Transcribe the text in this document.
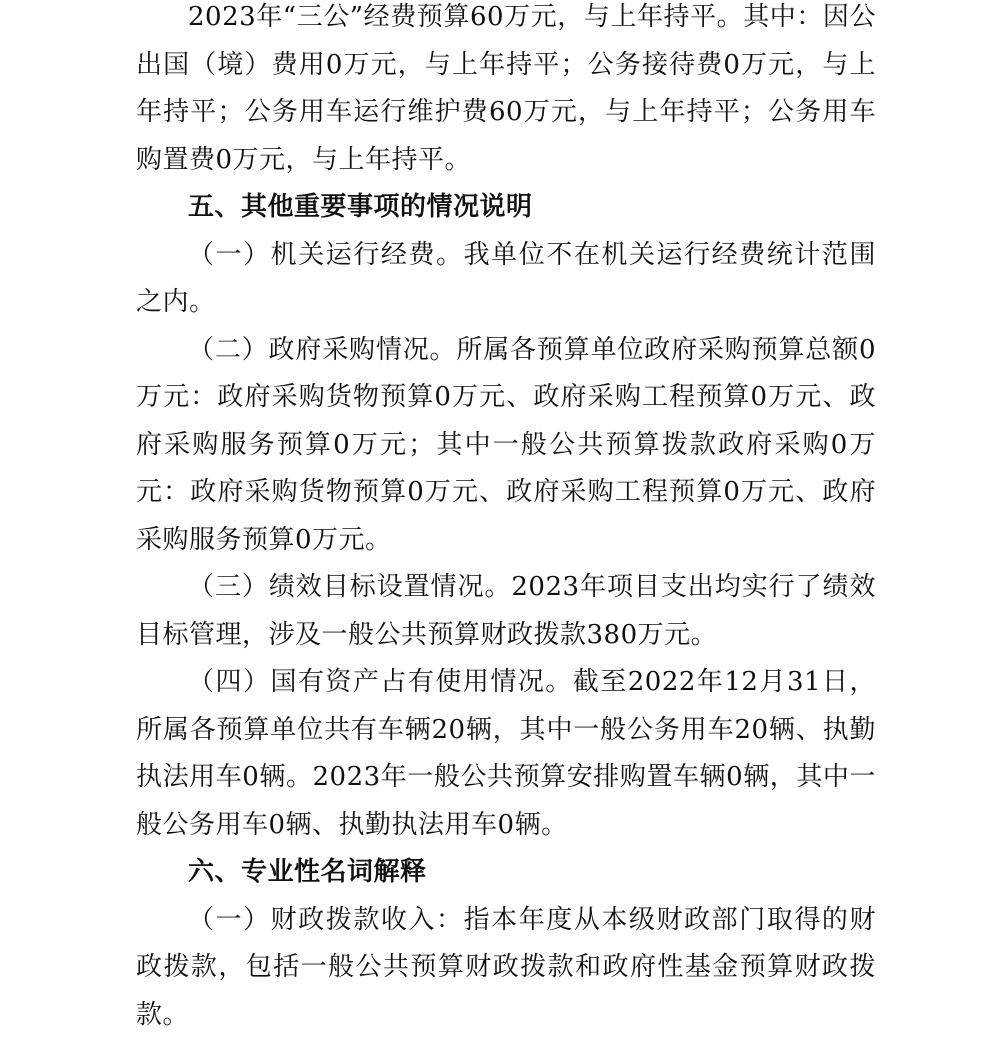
2023年“三公”经费预算60万元，与上年持平。其中：因公出国（境）费用0万元，与上年持平；公务接待费0万元，与上年持平；公务用车运行维护费60万元，与上年持平；公务用车购置费0万元，与上年持平。

五、其他重要事项的情况说明

（一）机关运行经费。我单位不在机关运行经费统计范围之内。

（二）政府采购情况。所属各预算单位政府采购预算总额0万元：政府采购货物预算0万元、政府采购工程预算0万元、政府采购服务预算0万元；其中一般公共预算拨款政府采购0万元：政府采购货物预算0万元、政府采购工程预算0万元、政府采购服务预算0万元。

（三）绩效目标设置情况。2023年项目支出均实行了绩效目标管理，涉及一般公共预算财政拨款380万元。

（四）国有资产占有使用情况。截至2022年12月31日，所属各预算单位共有车辆20辆，其中一般公务用车20辆、执勤执法用车0辆。2023年一般公共预算安排购置车辆0辆，其中一般公务用车0辆、执勤执法用车0辆。

六、专业性名词解释

（一）财政拨款收入：指本年度从本级财政部门取得的财政拨款，包括一般公共预算财政拨款和政府性基金预算财政拨款。
